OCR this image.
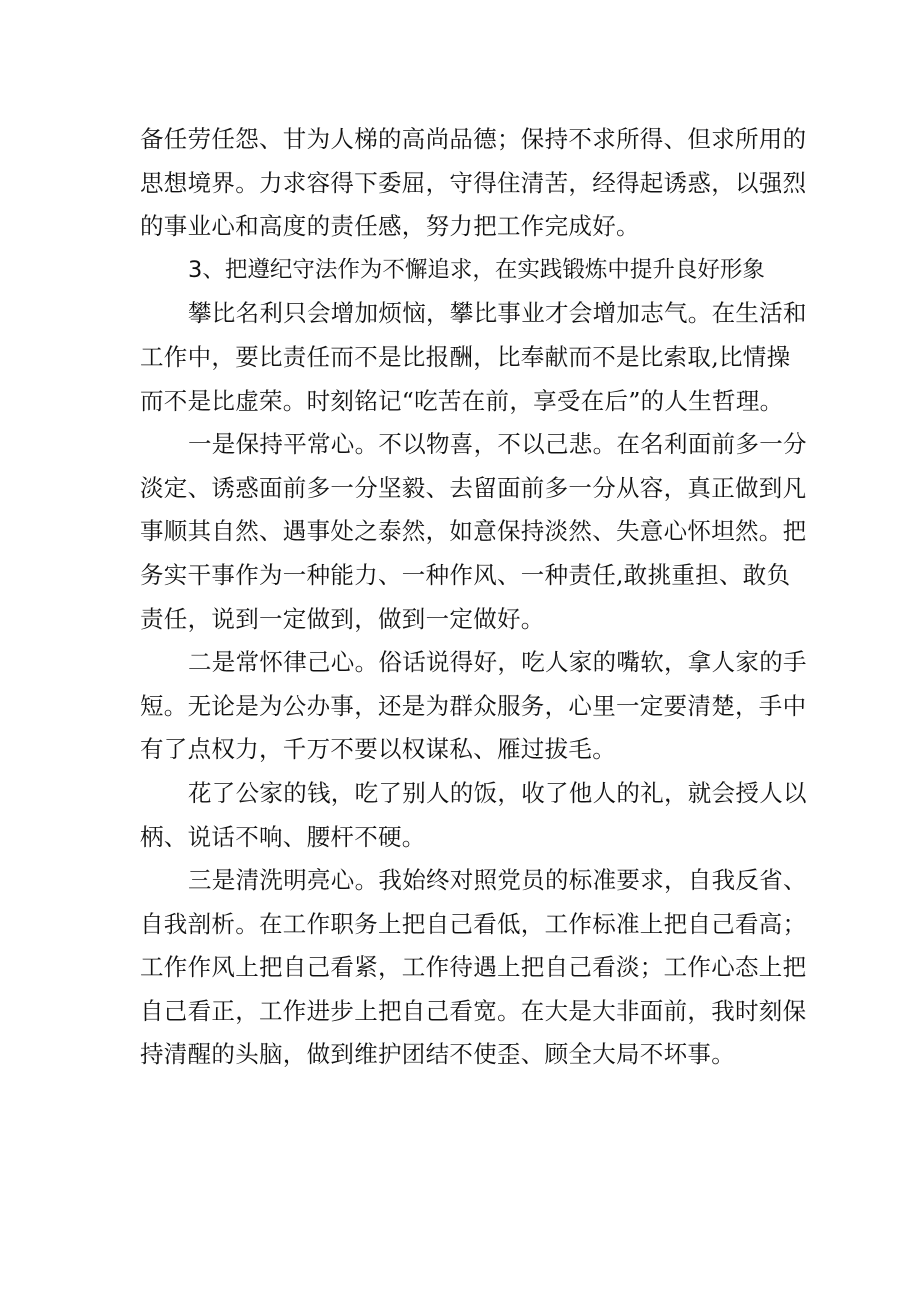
备任劳任怨、甘为人梯的高尚品德；保持不求所得、但求所用的
思想境界。力求容得下委屈，守得住清苦，经得起诱惑，以强烈
的事业心和高度的责任感，努力把工作完成好。

3、把遵纪守法作为不懈追求，在实践锻炼中提升良好形象

攀比名利只会增加烦恼，攀比事业才会增加志气。在生活和
工作中，要比责任而不是比报酬，比奉献而不是比索取,比情操
而不是比虚荣。时刻铭记“吃苦在前，享受在后”的人生哲理。

一是保持平常心。不以物喜，不以己悲。在名利面前多一分
淡定、诱惑面前多一分坚毅、去留面前多一分从容，真正做到凡
事顺其自然、遇事处之泰然，如意保持淡然、失意心怀坦然。把
务实干事作为一种能力、一种作风、一种责任,敢挑重担、敢负
责任，说到一定做到，做到一定做好。

二是常怀律己心。俗话说得好，吃人家的嘴软，拿人家的手
短。无论是为公办事，还是为群众服务，心里一定要清楚，手中
有了点权力，千万不要以权谋私、雁过拔毛。

花了公家的钱，吃了别人的饭，收了他人的礼，就会授人以
柄、说话不响、腰杆不硬。

三是清洗明亮心。我始终对照党员的标准要求，自我反省、
自我剖析。在工作职务上把自己看低，工作标准上把自己看高；
工作作风上把自己看紧，工作待遇上把自己看淡；工作心态上把
自己看正，工作进步上把自己看宽。在大是大非面前，我时刻保
持清醒的头脑，做到维护团结不使歪、顾全大局不坏事。
